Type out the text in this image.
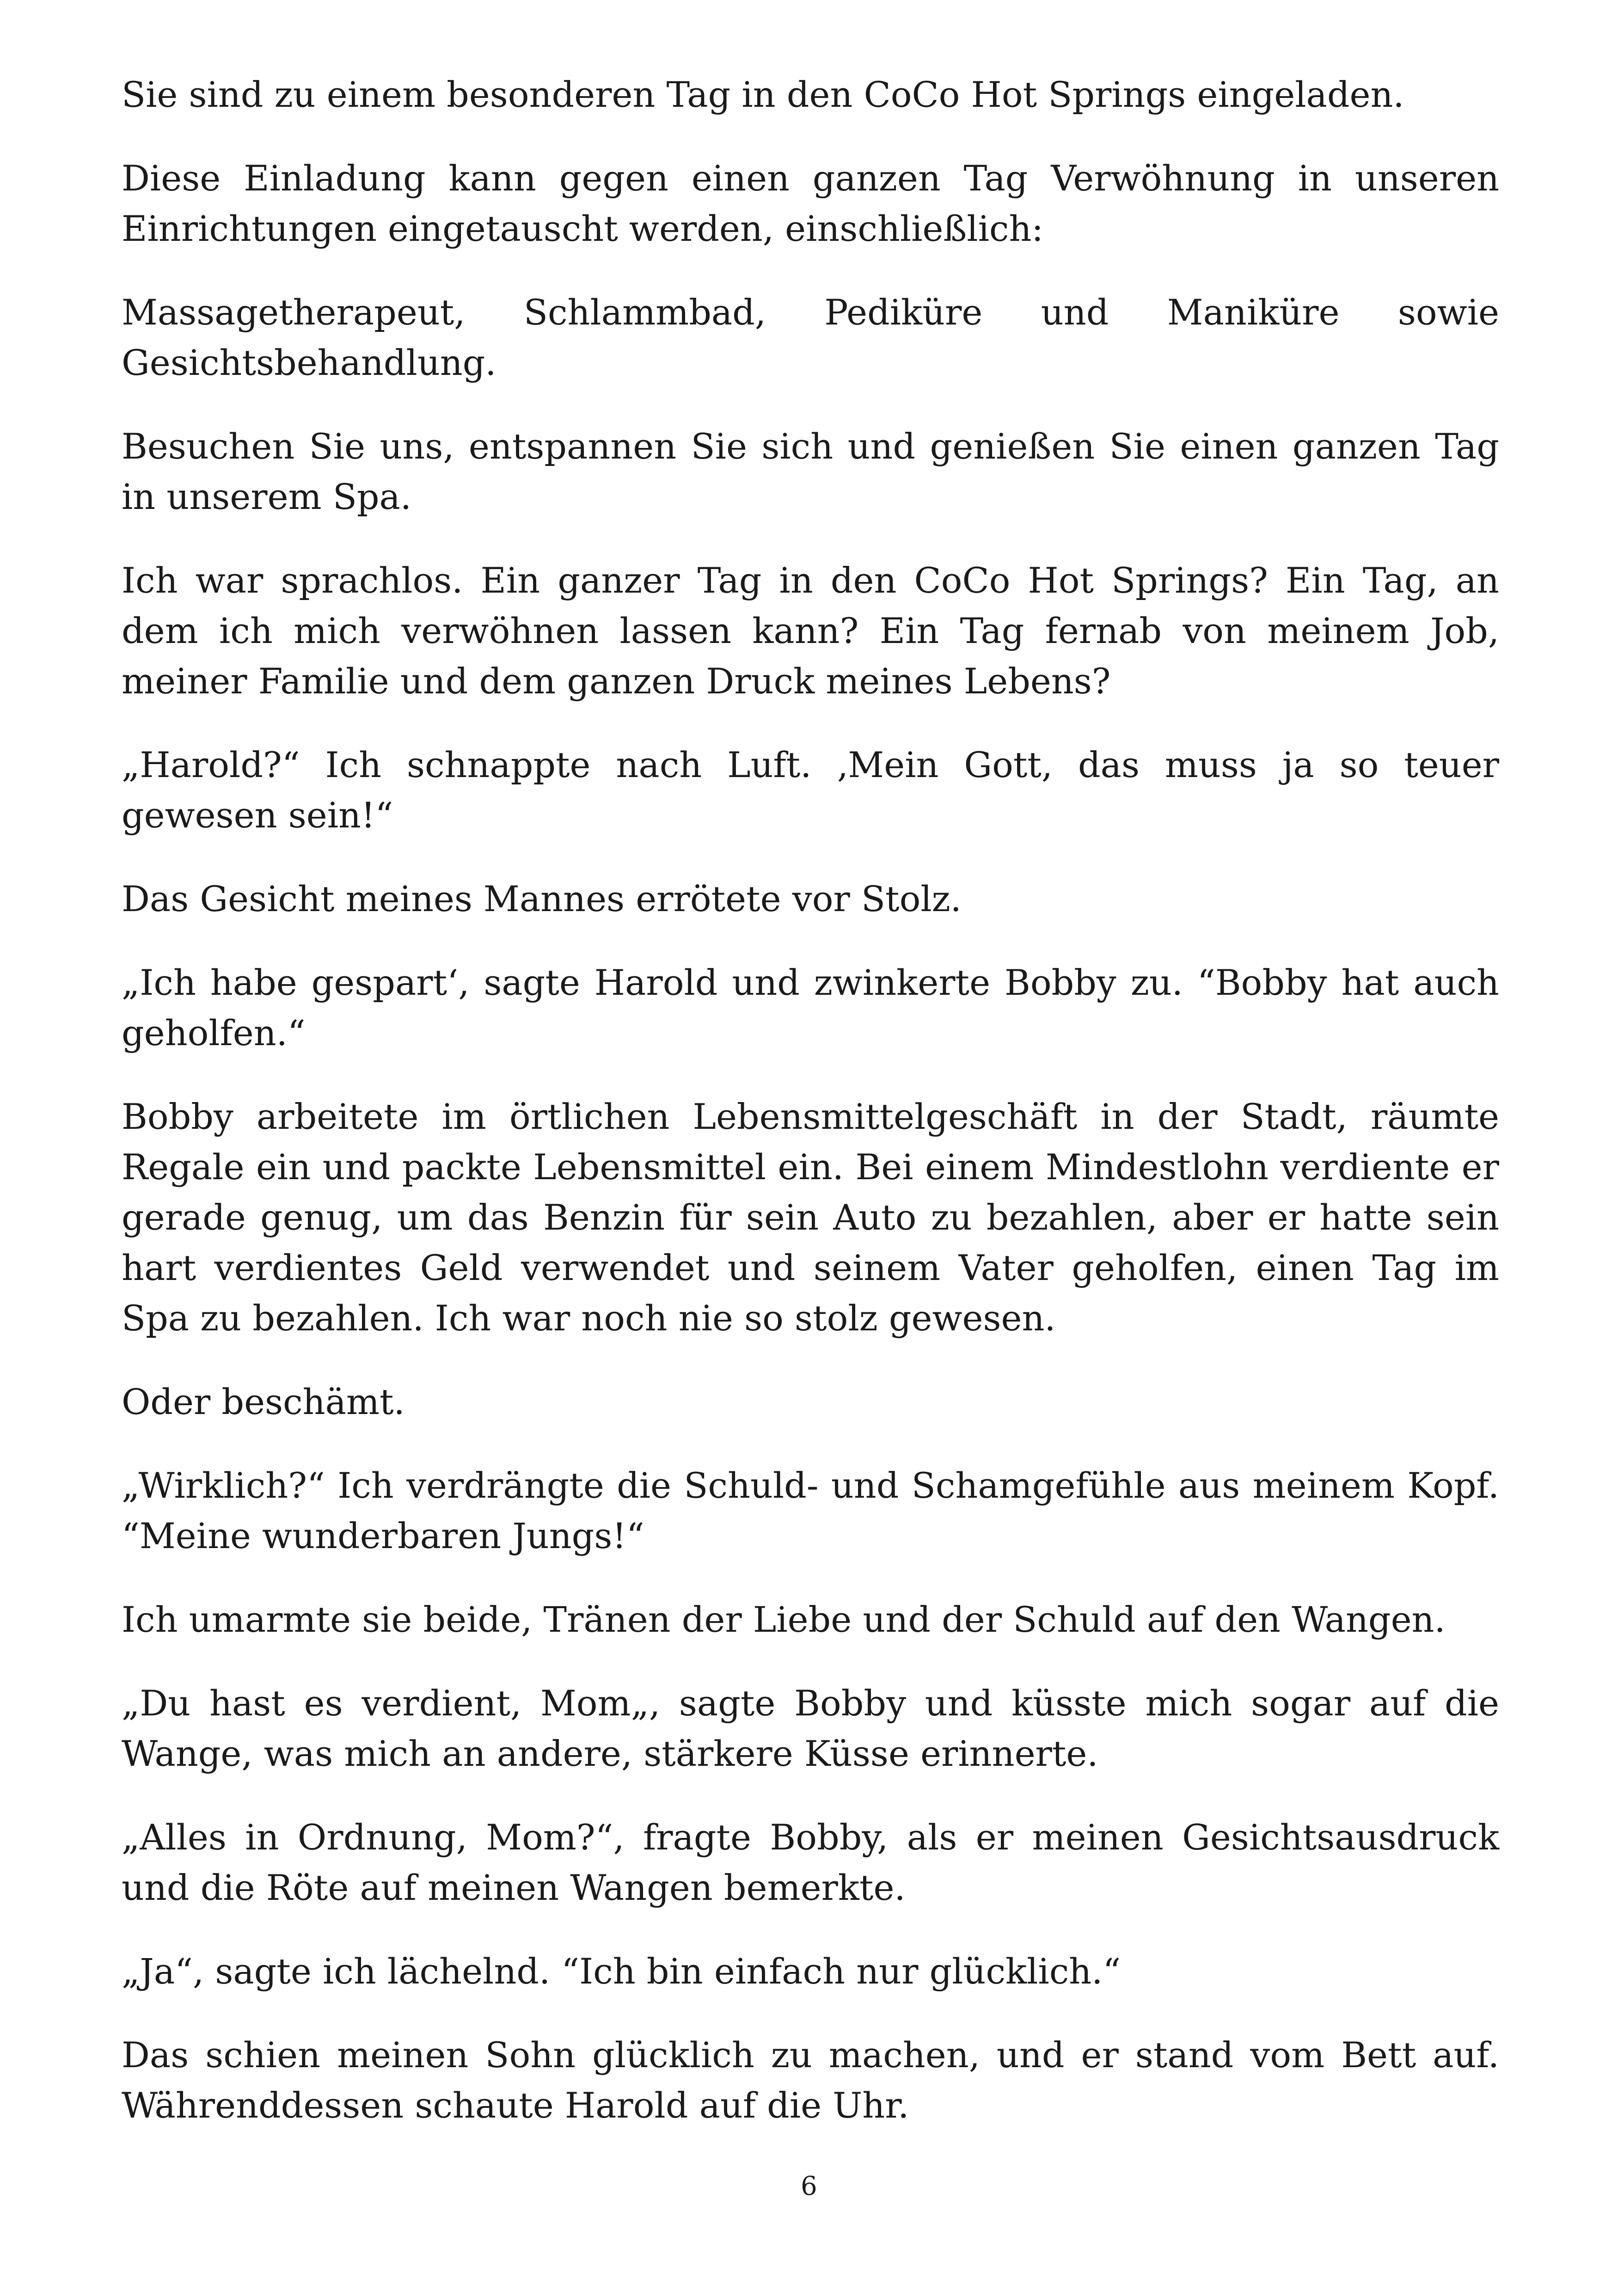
Sie sind zu einem besonderen Tag in den CoCo Hot Springs eingeladen.

Diese Einladung kann gegen einen ganzen Tag Verwöhnung in unseren Einrichtungen eingetauscht werden, einschließlich:

Massagetherapeut, Schlammbad, Pediküre und Maniküre sowie Gesichtsbehandlung.

Besuchen Sie uns, entspannen Sie sich und genießen Sie einen ganzen Tag in unserem Spa.

Ich war sprachlos. Ein ganzer Tag in den CoCo Hot Springs? Ein Tag, an dem ich mich verwöhnen lassen kann? Ein Tag fernab von meinem Job, meiner Familie und dem ganzen Druck meines Lebens?

„Harold?“ Ich schnappte nach Luft. ‚Mein Gott, das muss ja so teuer gewesen sein!“

Das Gesicht meines Mannes errötete vor Stolz.

„Ich habe gespart‘, sagte Harold und zwinkerte Bobby zu. “Bobby hat auch geholfen.“

Bobby arbeitete im örtlichen Lebensmittelgeschäft in der Stadt, räumte Regale ein und packte Lebensmittel ein. Bei einem Mindestlohn verdiente er gerade genug, um das Benzin für sein Auto zu bezahlen, aber er hatte sein hart verdientes Geld verwendet und seinem Vater geholfen, einen Tag im Spa zu bezahlen. Ich war noch nie so stolz gewesen.

Oder beschämt.

„Wirklich?“ Ich verdrängte die Schuld- und Schamgefühle aus meinem Kopf. “Meine wunderbaren Jungs!“

Ich umarmte sie beide, Tränen der Liebe und der Schuld auf den Wangen.

„Du hast es verdient, Mom„, sagte Bobby und küsste mich sogar auf die Wange, was mich an andere, stärkere Küsse erinnerte.

„Alles in Ordnung, Mom?“, fragte Bobby, als er meinen Gesichtsausdruck und die Röte auf meinen Wangen bemerkte.

„Ja“, sagte ich lächelnd. “Ich bin einfach nur glücklich.“

Das schien meinen Sohn glücklich zu machen, und er stand vom Bett auf. Währenddessen schaute Harold auf die Uhr.

6
